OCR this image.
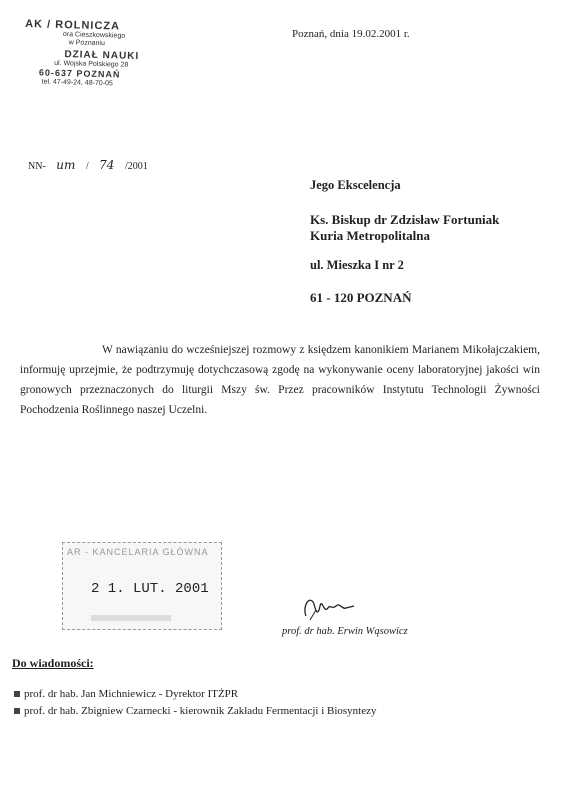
AK / ROLNICZA
ora Cieszkowskiego
w Poznaniu
DZIAŁ NAUKI
ul. Wojska Polskiego 28
60-637 POZNAŃ
tel. 47-49-24, 48-70-05
Poznań, dnia 19.02.2001 r.
NN- um / 74 /2001
Jego Ekscelencja
Ks. Biskup dr Zdzisław Fortuniak
Kuria Metropolitalna
ul. Mieszka I nr 2
61 - 120 POZNAŃ

W nawiązaniu do wcześniejszej rozmowy z księdzem kanonikiem Marianem Mikołajczakiem, informuję uprzejmie, że podtrzymuję dotychczasową zgodę na wykonywanie oceny laboratoryjnej jakości win gronowych przeznaczonych do liturgii Mszy św. Przez pracowników Instytutu Technologii Żywności Pochodzenia Roślinnego naszej Uczelni.

AR - KANCELARIA GŁÓWNA
2 1. LUT. 2001
prof. dr hab. Erwin Wąsowicz
Do wiadomości:
prof. dr hab. Jan Michniewicz - Dyrektor ITŻPR
prof. dr hab. Zbigniew Czarnecki - kierownik Zakładu Fermentacji i Biosyntezy
